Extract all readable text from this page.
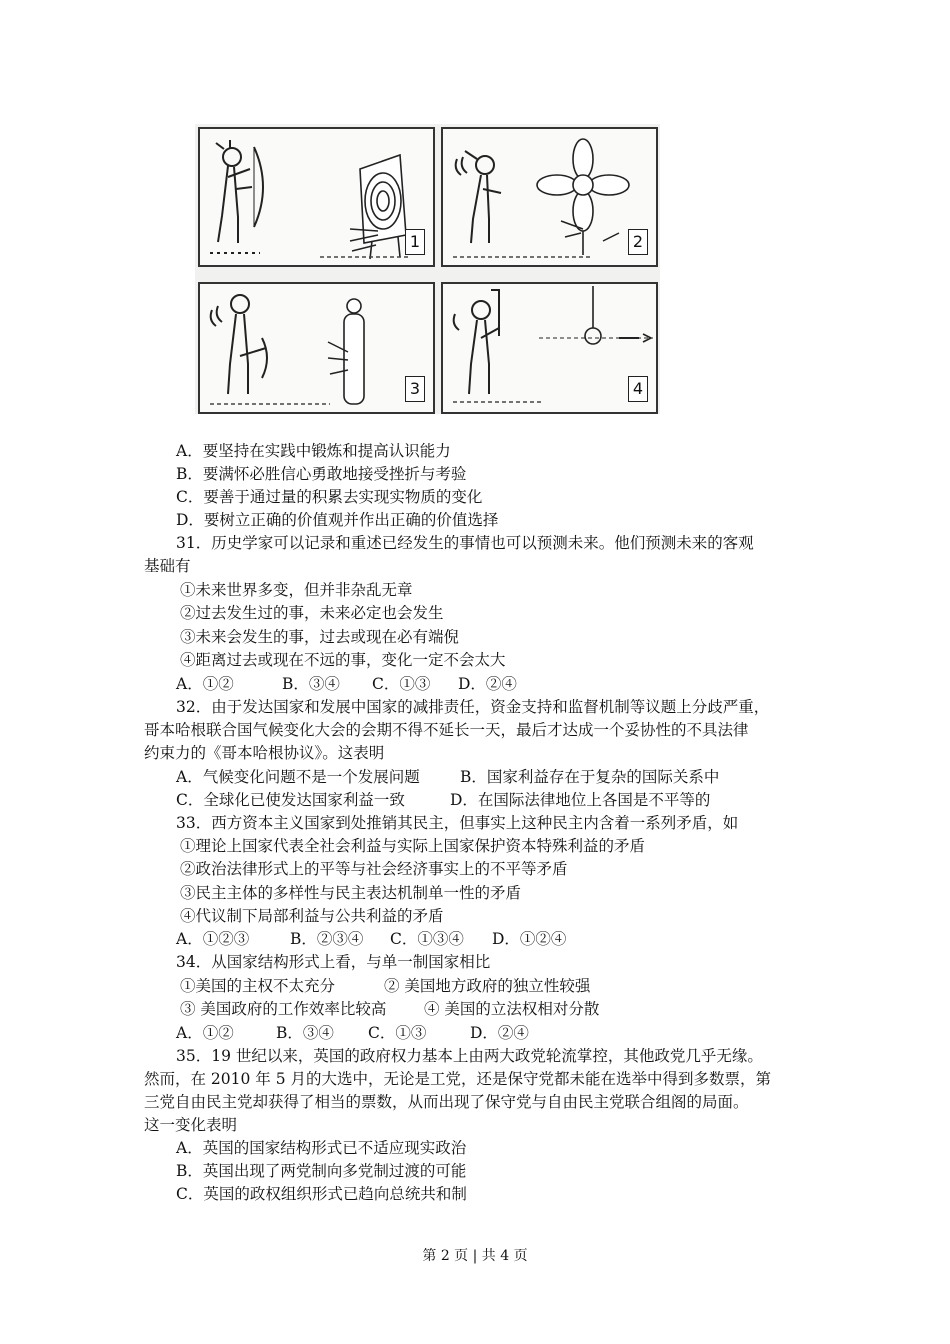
1	2
3	4
A．要坚持在实践中锻炼和提高认识能力
B．要满怀必胜信心勇敢地接受挫折与考验
C．要善于通过量的积累去实现实物质的变化
D．要树立正确的价值观并作出正确的价值选择
31．历史学家可以记录和重述已经发生的事情也可以预测未来。他们预测未来的客观
基础有
①未来世界多变，但并非杂乱无章
②过去发生过的事，未来必定也会发生
③未来会发生的事，过去或现在必有端倪
④距离过去或现在不远的事，变化一定不会太大
A．①②	B．③④ C．①③ D．②④
32．由于发达国家和发展中国家的减排责任，资金支持和监督机制等议题上分歧严重，
哥本哈根联合国气候变化大会的会期不得不延长一天，最后才达成一个妥协性的不具法律
约束力的《哥本哈根协议》。这表明
A．气候变化问题不是一个发展问题	B．国家利益存在于复杂的国际关系中
C．全球化已使发达国家利益一致	D．在国际法律地位上各国是不平等的
33．西方资本主义国家到处推销其民主，但事实上这种民主内含着一系列矛盾，如
①理论上国家代表全社会利益与实际上国家保护资本特殊利益的矛盾
②政治法律形式上的平等与社会经济事实上的不平等矛盾
③民主主体的多样性与民主表达机制单一性的矛盾
④代议制下局部利益与公共利益的矛盾
A．①②③	B．②③④ C．①③④ D．①②④
34．从国家结构形式上看，与单一制国家相比
①美国的主权不太充分	② 美国地方政府的独立性较强
③ 美国政府的工作效率比较高 ④ 美国的立法权相对分散
A．①②	B．③④ C．①③	D．②④
35．19 世纪以来，英国的政府权力基本上由两大政党轮流掌控，其他政党几乎无缘。
然而，在 2010 年 5 月的大选中，无论是工党，还是保守党都未能在选举中得到多数票，第
三党自由民主党却获得了相当的票数，从而出现了保守党与自由民主党联合组阁的局面。
这一变化表明
A．英国的国家结构形式已不适应现实政治
B．英国出现了两党制向多党制过渡的可能
C．英国的政权组织形式已趋向总统共和制
第 2 页 | 共 4 页
